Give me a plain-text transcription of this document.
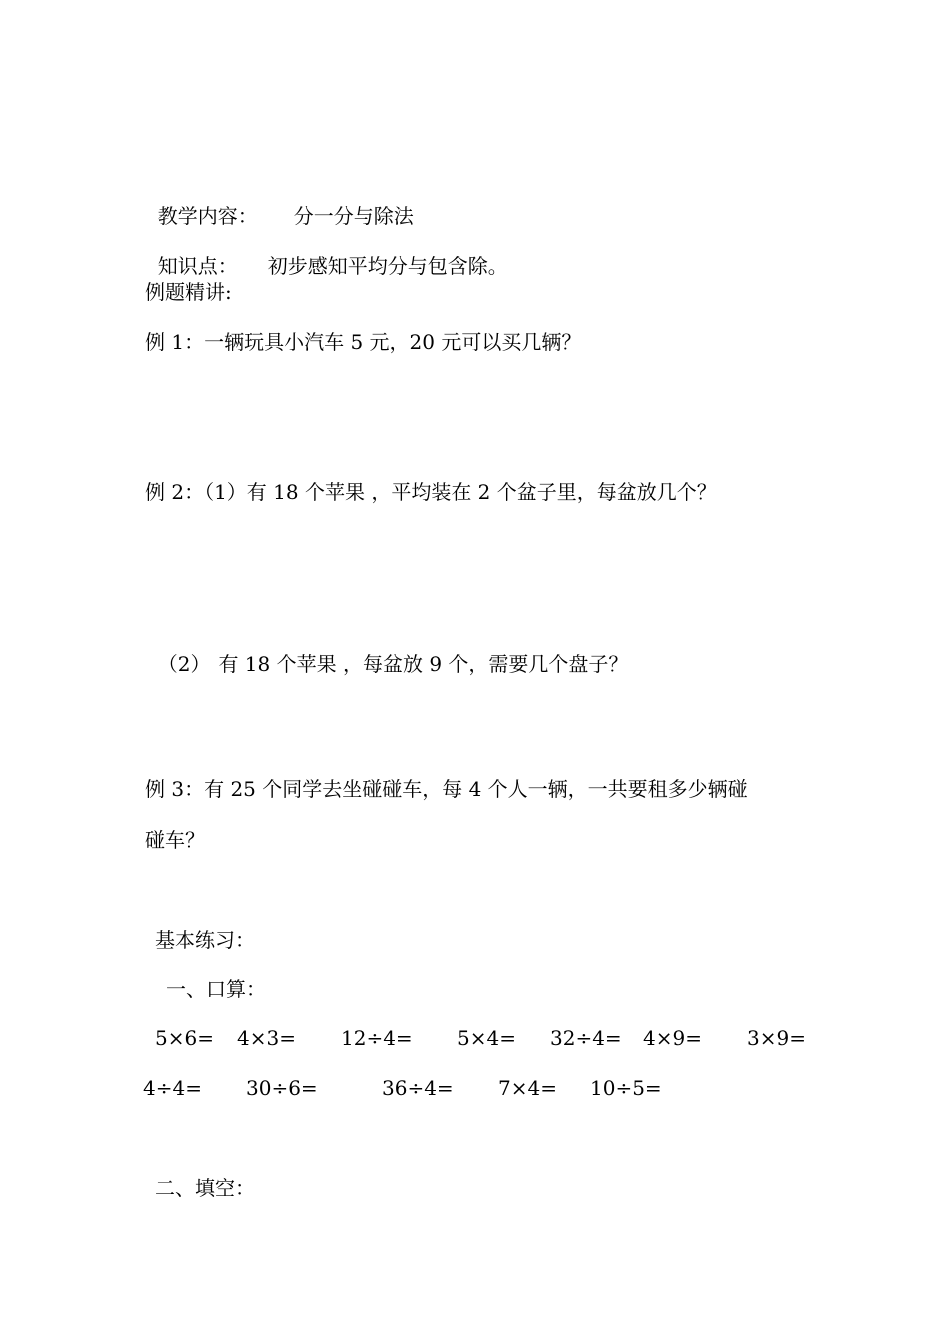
教学内容： 分一分与除法

知识点： 初步感知平均分与包含除。

例题精讲:
例 1：一辆玩具小汽车 5 元，20 元可以买几辆？
例 2：（1）有 18 个苹果 ，平均装在 2 个盆子里，每盆放几个？

（2） 有 18 个苹果 ，每盆放 9 个，需要几个盘子？

例 3：有 25 个同学去坐碰碰车，每 4 个人一辆，一共要租多少辆碰
碰车？
基本练习：
一、口算：
5×6= 4×3= 12÷4= 5×4= 32÷4= 4×9= 3×9=
4÷4= 30÷6=	36÷4= 7×4= 10÷5=
二、填空：
